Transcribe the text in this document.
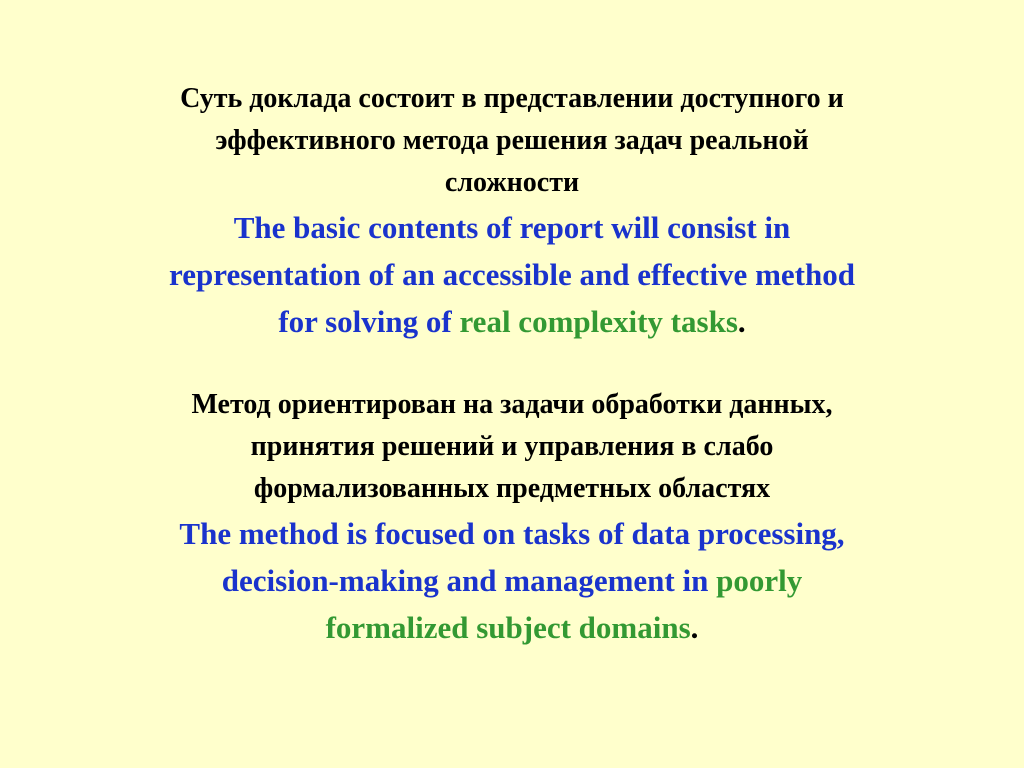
Суть доклада состоит в представлении доступного и
эффективного метода решения задач реальной
сложности
The basic contents of report will consist in
representation of an accessible and effective method
for solving of real complexity tasks.
Метод ориентирован на задачи обработки данных,
принятия решений и управления в слабо
формализованных предметных областях
The method is focused on tasks of data processing,
decision-making and management in poorly
formalized subject domains.
